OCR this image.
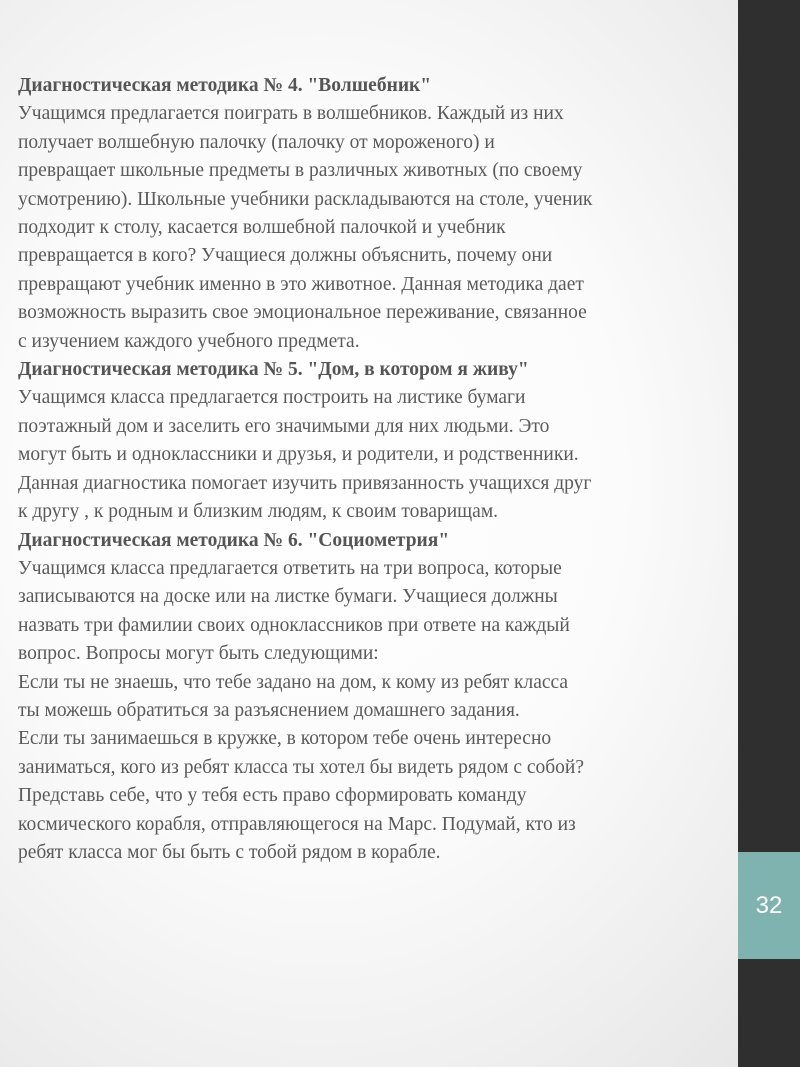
Диагностическая методика № 4. "Волшебник"
Учащимся предлагается поиграть в волшебников. Каждый из них
получает волшебную палочку (палочку от мороженого) и
превращает школьные предметы в различных животных (по своему
усмотрению). Школьные учебники раскладываются на столе, ученик
подходит к столу, касается волшебной палочкой и учебник
превращается в кого? Учащиеся должны объяснить, почему они
превращают учебник именно в это животное. Данная методика дает
возможность выразить свое эмоциональное переживание, связанное
с изучением каждого учебного предмета.
Диагностическая методика № 5. "Дом, в котором я живу"
Учащимся класса предлагается построить на листике бумаги
поэтажный дом и заселить его значимыми для них людьми. Это
могут быть и одноклассники и друзья, и родители, и родственники.
Данная диагностика помогает изучить привязанность учащихся друг
к другу , к родным и близким людям, к своим товарищам.
Диагностическая методика № 6. "Социометрия"
Учащимся класса предлагается ответить на три вопроса, которые
записываются на доске или на листке бумаги. Учащиеся должны
назвать три фамилии своих одноклассников при ответе на каждый
вопрос. Вопросы могут быть следующими:
Если ты не знаешь, что тебе задано на дом, к кому из ребят класса
ты можешь обратиться за разъяснением домашнего задания.
Если ты занимаешься в кружке, в котором тебе очень интересно
заниматься, кого из ребят класса ты хотел бы видеть рядом с собой?
Представь себе, что у тебя есть право сформировать команду
космического корабля, отправляющегося на Марс. Подумай, кто из
ребят класса мог бы быть с тобой рядом в корабле.
32
